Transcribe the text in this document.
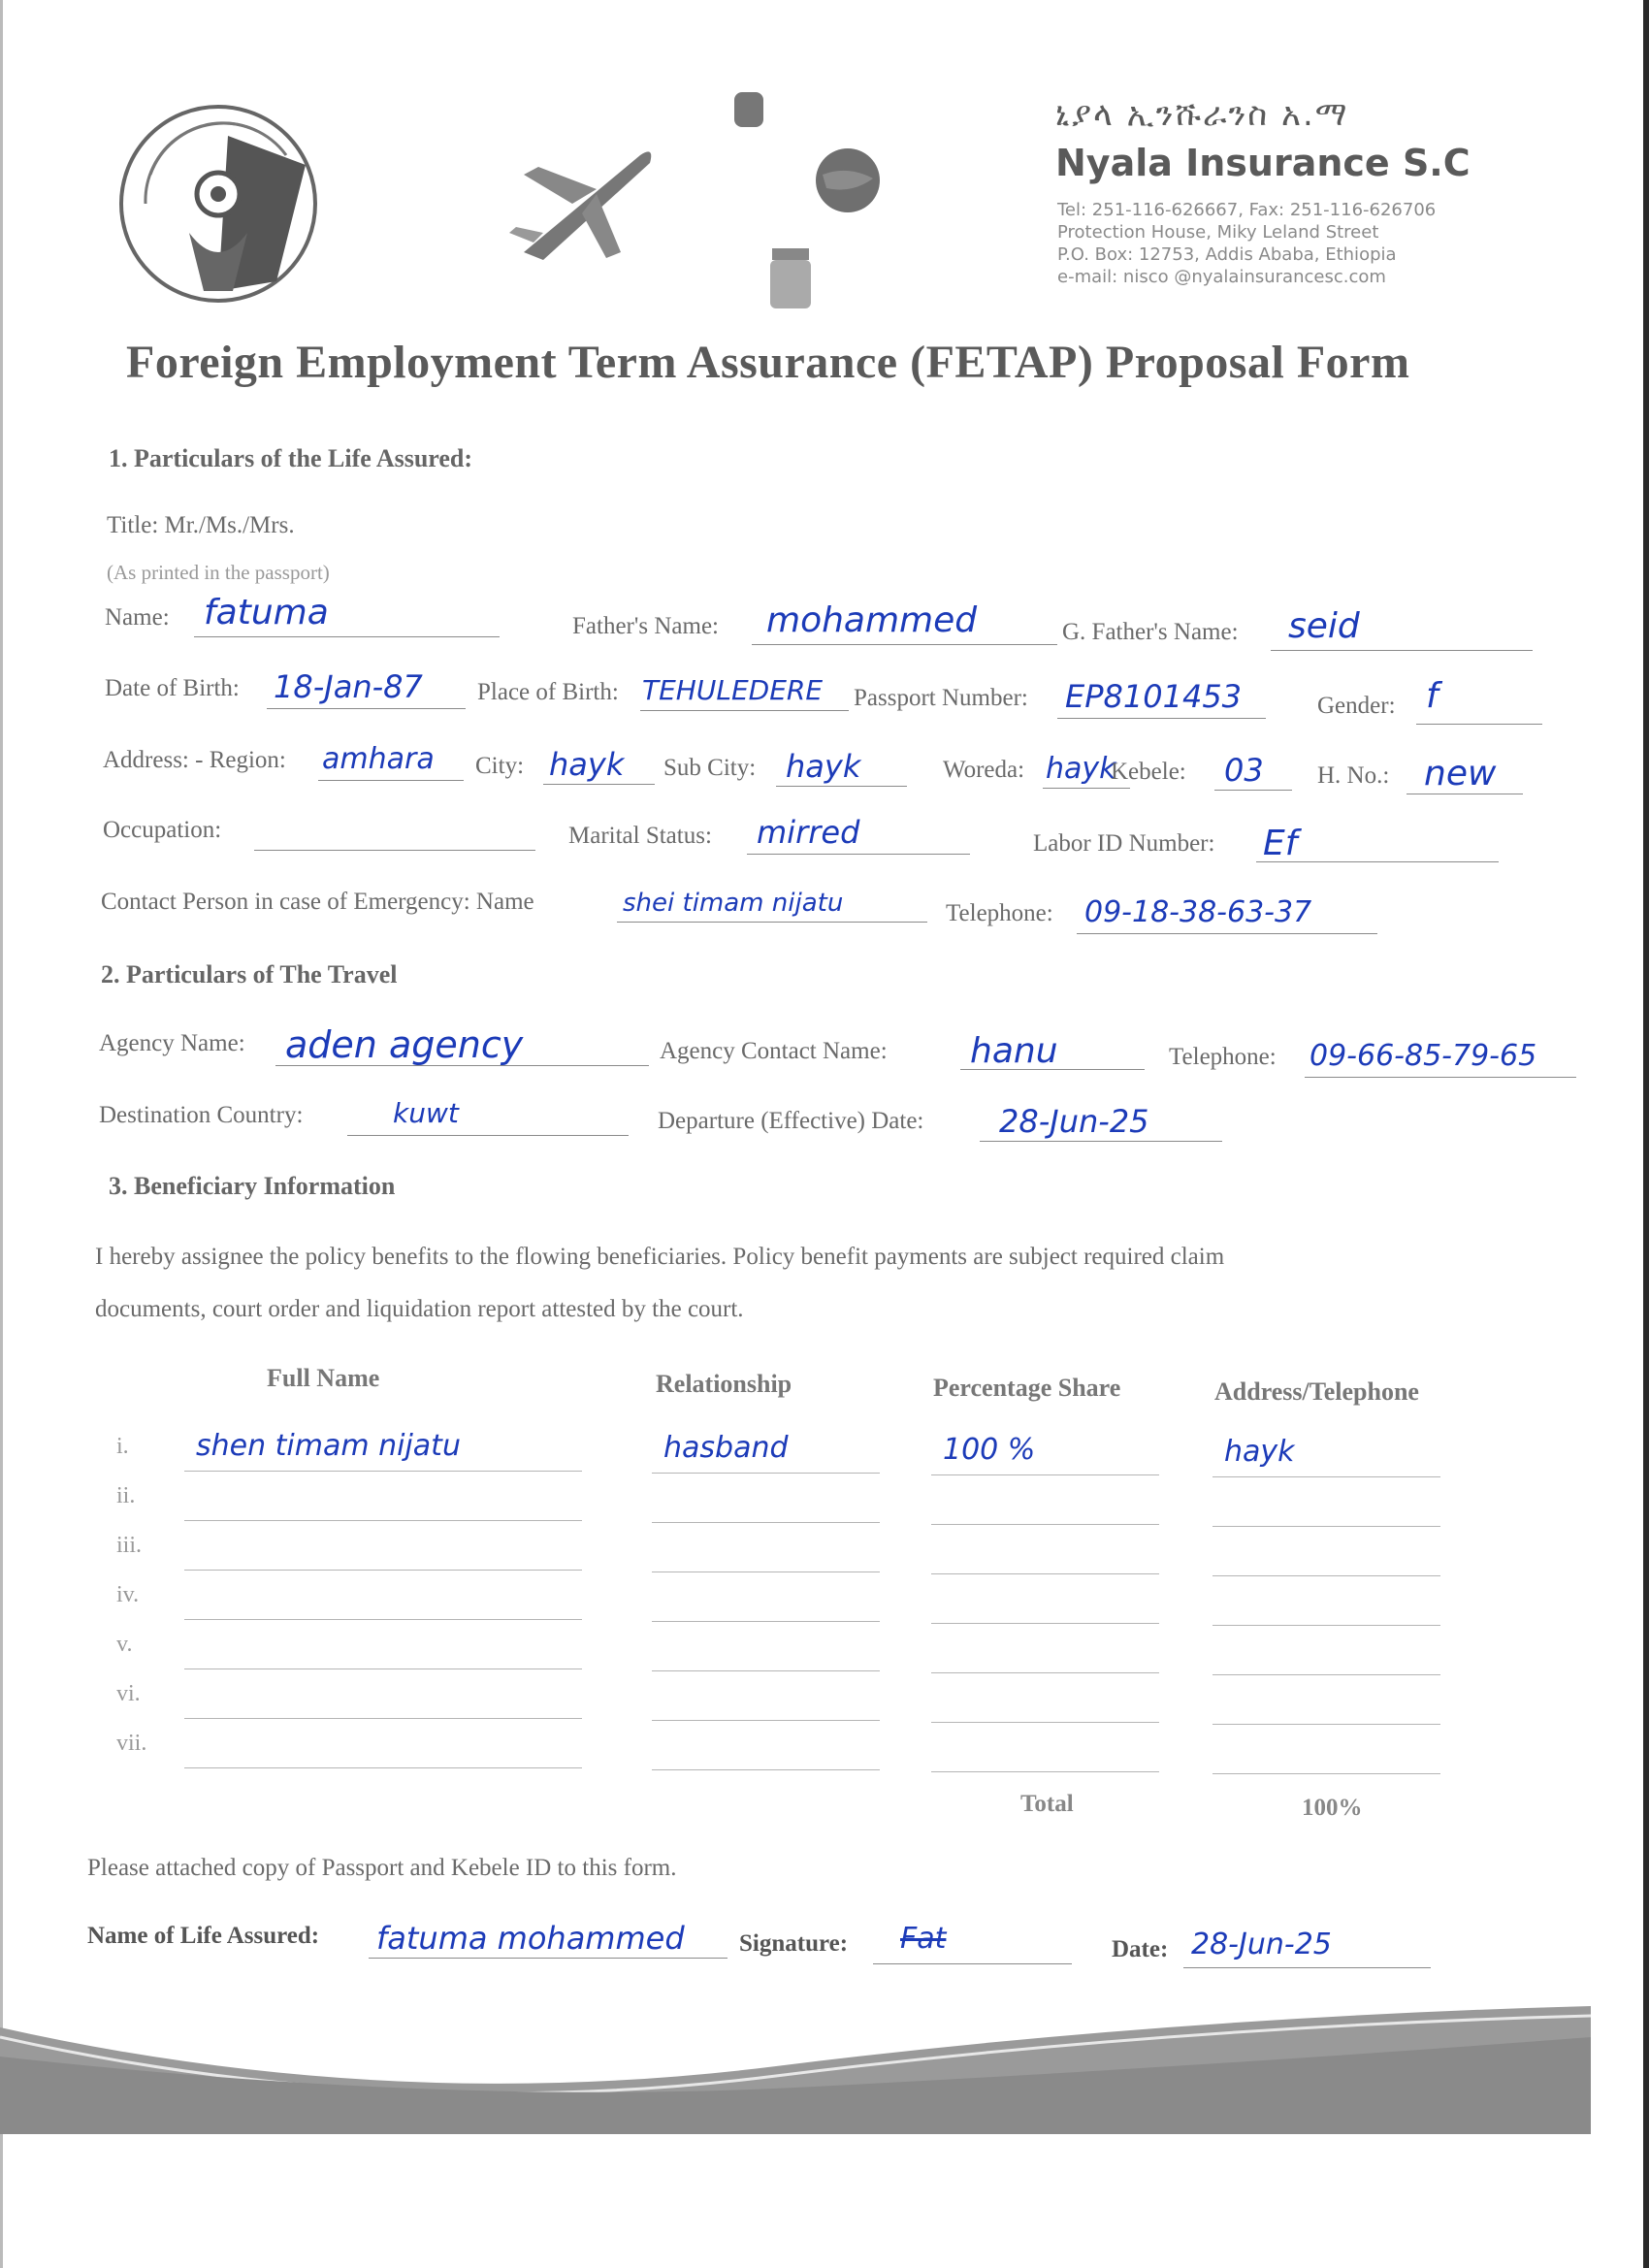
ኒያላ ኢንሹራንስ አ.ማ
Nyala Insurance S.C
Tel: 251-116-626667, Fax: 251-116-626706
Protection House, Miky Leland Street
P.O. Box: 12753, Addis Ababa, Ethiopia
e-mail: nisco @nyalainsurancesc.com
Foreign Employment Term Assurance (FETAP) Proposal Form
1. Particulars of the Life Assured:
Title: Mr./Ms./Mrs.
(As printed in the passport)
Name: fatuma	Father's Name: mohammed	G. Father's Name: seid
Date of Birth: 18-Jan-87 Place of Birth: TEHULEDERE Passport Number: EP8101453	Gender: f
Address: - Region: amhara City: hayk Sub City: hayk	Woreda: hayk
Kebele: 03 H. No.: new
Occupation:	Marital Status: mirred	Labor ID Number: Ef
Contact Person in case of Emergency: Name	shei timam nijatu	Telephone: 09-18-38-63-37
2. Particulars of The Travel
Agency Name: aden agency	Agency Contact Name: hanu	Telephone: 09-66-85-79-65
Destination Country:	kuwt	Departure (Effective) Date: 28-Jun-25
3. Beneficiary Information
I hereby assignee the policy benefits to the flowing beneficiaries. Policy benefit payments are subject required claim
documents, court order and liquidation report attested by the court.
Full Name	Relationship	Percentage Share	Address/Telephone
i. shen timam nijatu	hasband	100 %	hayk
ii.
iii.
iv.
v.
vi.
vii.
Total	100%
Please attached copy of Passport and Kebele ID to this form.
Name of Life Assured: fatuma mohammed Signature: Fat	Date: 28-Jun-25
